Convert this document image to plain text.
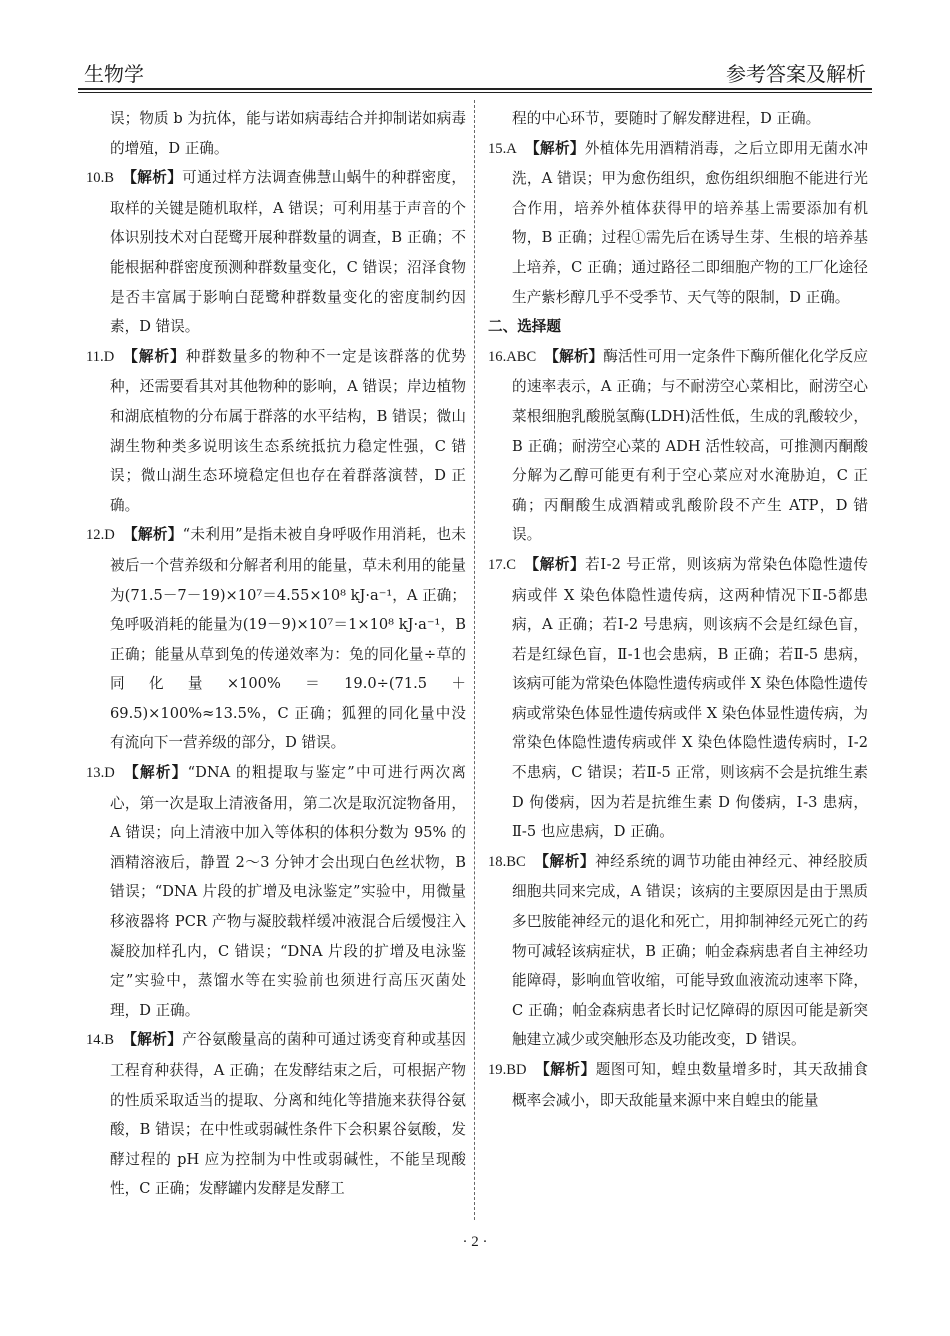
生物学	参考答案及解析

误；物质 b 为抗体，能与诺如病毒结合并抑制诺如病毒的增殖，D 正确。

10.B 【解析】可通过样方法调查佛慧山蜗牛的种群密度，取样的关键是随机取样，A 错误；可利用基于声音的个体识别技术对白琵鹭开展种群数量的调查，B 正确；不能根据种群密度预测种群数量变化，C 错误；沼泽食物是否丰富属于影响白琵鹭种群数量变化的密度制约因素，D 错误。

11.D 【解析】种群数量多的物种不一定是该群落的优势种，还需要看其对其他物种的影响，A 错误；岸边植物和湖底植物的分布属于群落的水平结构，B 错误；微山湖生物种类多说明该生态系统抵抗力稳定性强，C 错误；微山湖生态环境稳定但也存在着群落演替，D 正确。

12.D 【解析】“未利用”是指未被自身呼吸作用消耗，也未被后一个营养级和分解者利用的能量，草未利用的能量为(71.5－7－19)×10⁷＝4.55×10⁸ kJ·a⁻¹，A 正确；兔呼吸消耗的能量为(19－9)×10⁷＝1×10⁸ kJ·a⁻¹，B 正确；能量从草到兔的传递效率为：兔的同化量÷草的同化量×100%＝19.0÷(71.5＋69.5)×100%≈13.5%，C 正确；狐狸的同化量中没有流向下一营养级的部分，D 错误。

13.D 【解析】“DNA 的粗提取与鉴定”中可进行两次离心，第一次是取上清液备用，第二次是取沉淀物备用，A 错误；向上清液中加入等体积的体积分数为 95% 的酒精溶液后，静置 2～3 分钟才会出现白色丝状物，B 错误；“DNA 片段的扩增及电泳鉴定”实验中，用微量移液器将 PCR 产物与凝胶载样缓冲液混合后缓慢注入凝胶加样孔内，C 错误；“DNA 片段的扩增及电泳鉴定”实验中，蒸馏水等在实验前也须进行高压灭菌处理，D 正确。

14.B 【解析】产谷氨酸量高的菌种可通过诱变育种或基因工程育种获得，A 正确；在发酵结束之后，可根据产物的性质采取适当的提取、分离和纯化等措施来获得谷氨酸，B 错误；在中性或弱碱性条件下会积累谷氨酸，发酵过程的 pH 应为控制为中性或弱碱性，不能呈现酸性，C 正确；发酵罐内发酵是发酵工

程的中心环节，要随时了解发酵进程，D 正确。

15.A 【解析】外植体先用酒精消毒，之后立即用无菌水冲洗，A 错误；甲为愈伤组织，愈伤组织细胞不能进行光合作用，培养外植体获得甲的培养基上需要添加有机物，B 正确；过程①需先后在诱导生芽、生根的培养基上培养，C 正确；通过路径二即细胞产物的工厂化途径生产紫杉醇几乎不受季节、天气等的限制，D 正确。

二、选择题

16.ABC 【解析】酶活性可用一定条件下酶所催化化学反应的速率表示，A 正确；与不耐涝空心菜相比，耐涝空心菜根细胞乳酸脱氢酶(LDH)活性低，生成的乳酸较少，B 正确；耐涝空心菜的 ADH 活性较高，可推测丙酮酸分解为乙醇可能更有利于空心菜应对水淹胁迫，C 正确；丙酮酸生成酒精或乳酸阶段不产生 ATP，D 错误。

17.C 【解析】若Ⅰ-2 号正常，则该病为常染色体隐性遗传病或伴 X 染色体隐性遗传病，这两种情况下Ⅱ-5都患病，A 正确；若Ⅰ-2 号患病，则该病不会是红绿色盲，若是红绿色盲，Ⅱ-1也会患病，B 正确；若Ⅱ-5 患病，该病可能为常染色体隐性遗传病或伴 X 染色体隐性遗传病或常染色体显性遗传病或伴 X 染色体显性遗传病，为常染色体隐性遗传病或伴 X 染色体隐性遗传病时，Ⅰ-2 不患病，C 错误；若Ⅱ-5 正常，则该病不会是抗维生素 D 佝偻病，因为若是抗维生素 D 佝偻病，Ⅰ-3 患病，Ⅱ-5 也应患病，D 正确。

18.BC 【解析】神经系统的调节功能由神经元、神经胶质细胞共同来完成，A 错误；该病的主要原因是由于黑质多巴胺能神经元的退化和死亡，用抑制神经元死亡的药物可减轻该病症状，B 正确；帕金森病患者自主神经功能障碍，影响血管收缩，可能导致血液流动速率下降，C 正确；帕金森病患者长时记忆障碍的原因可能是新突触建立减少或突触形态及功能改变，D 错误。

19.BD 【解析】题图可知，蝗虫数量增多时，其天敌捕食概率会减小，即天敌能量来源中来自蝗虫的能量

· 2 ·
